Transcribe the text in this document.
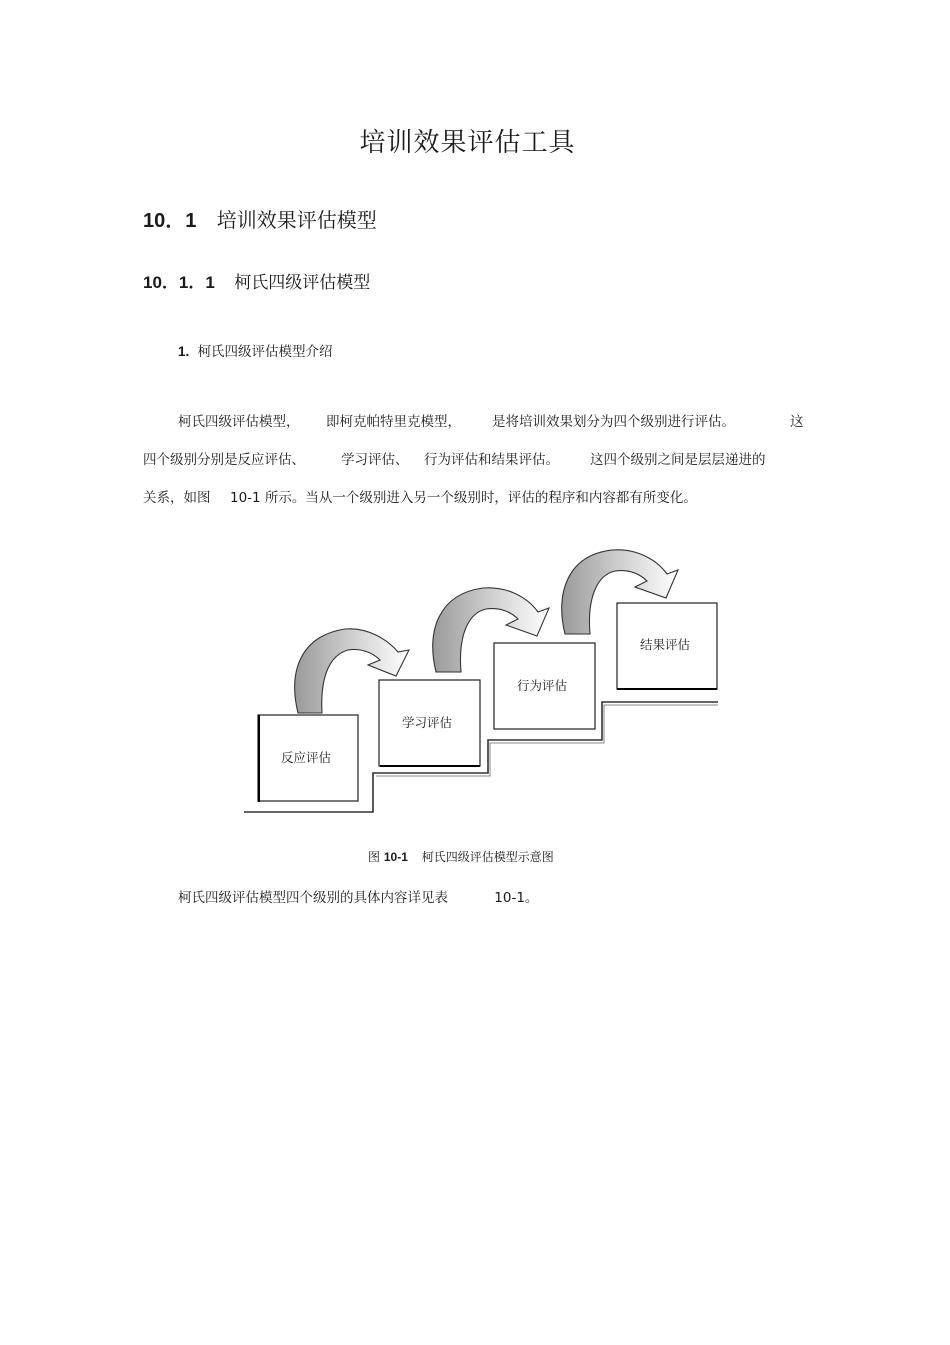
培训效果评估工具
10．1 培训效果评估模型
10．1．1 柯氏四级评估模型
1. 柯氏四级评估模型介绍
柯氏四级评估模型， 即柯克帕特里克模型， 是将培训效果划分为四个级别进行评估。	这
四个级别分别是反应评估、	学习评估、 行为评估和结果评估。 这四个级别之间是层层递进的
关系，如图 10-1 所示。当从一个级别进入另一个级别时，评估的程序和内容都有所变化。
反应评估
学习评估
行为评估
结果评估
图 10-1 柯氏四级评估模型示意图
柯氏四级评估模型四个级别的具体内容详见表	10-1。
